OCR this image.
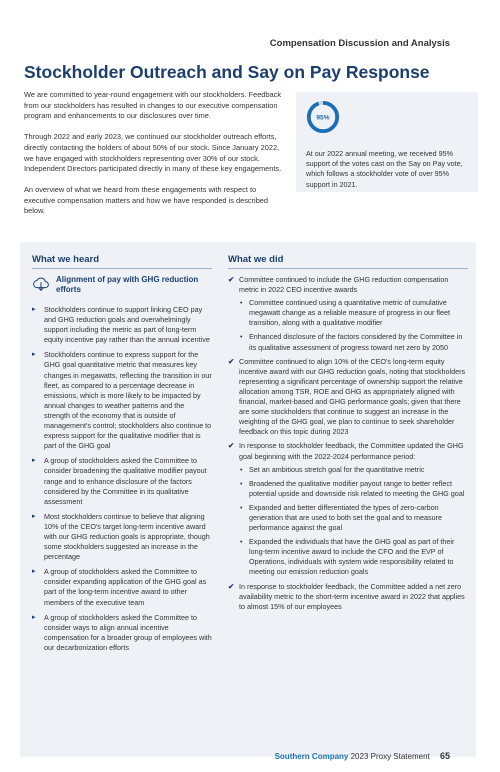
Compensation Discussion and Analysis
Stockholder Outreach and Say on Pay Response

We are committed to year-round engagement with our stockholders. Feedback from our stockholders has resulted in changes to our executive compensation program and enhancements to our disclosures over time.

Through 2022 and early 2023, we continued our stockholder outreach efforts, directly contacting the holders of about 50% of our stock. Since January 2022, we have engaged with stockholders representing over 30% of our stock. Independent Directors participated directly in many of these key engagements.

An overview of what we heard from these engagements with respect to executive compensation matters and how we have responded is described below.

95%
At our 2022 annual meeting, we received 95% support of the votes cast on the Say on Pay vote, which follows a stockholder vote of over 95% support in 2021.
What we heard
Alignment of pay with GHG reduction efforts
▸ Stockholders continue to support linking CEO pay and GHG reduction goals and overwhelmingly support including the metric as part of long-term equity incentive pay rather than the annual incentive
▸ Stockholders continue to express support for the GHG goal quantitative metric that measures key changes in megawatts, reflecting the transition in our fleet, as compared to a percentage decrease in emissions, which is more likely to be impacted by annual changes to weather patterns and the strength of the economy that is outside of management's control; stockholders also continue to express support for the qualitative modifier that is part of the GHG goal
▸ A group of stockholders asked the Committee to consider broadening the qualitative modifier payout range and to enhance disclosure of the factors considered by the Committee in its qualitative assessment
▸ Most stockholders continue to believe that aligning 10% of the CEO's target long-term incentive award with our GHG reduction goals is appropriate, though some stockholders suggested an increase in the percentage
▸ A group of stockholders asked the Committee to consider expanding application of the GHG goal as part of the long-term incentive award to other members of the executive team
▸ A group of stockholders asked the Committee to consider ways to align annual incentive compensation for a broader group of employees with our decarbonization efforts
What we did
✔ Committee continued to include the GHG reduction compensation metric in 2022 CEO incentive awards
• Committee continued using a quantitative metric of cumulative megawatt change as a reliable measure of progress in our fleet transition, along with a qualitative modifier
• Enhanced disclosure of the factors considered by the Committee in its qualitative assessment of progress toward net zero by 2050
✔ Committee continued to align 10% of the CEO's long-term equity incentive award with our GHG reduction goals, noting that stockholders representing a significant percentage of ownership support the relative allocation among TSR, ROE and GHG as appropriately aligned with financial, market-based and GHG performance goals; given that there are some stockholders that continue to suggest an increase in the weighting of the GHG goal, we plan to continue to seek shareholder feedback on this topic during 2023
✔ In response to stockholder feedback, the Committee updated the GHG goal beginning with the 2022-2024 performance period:
• Set an ambitious stretch goal for the quantitative metric
• Broadened the qualitative modifier payout range to better reflect potential upside and downside risk related to meeting the GHG goal
• Expanded and better differentiated the types of zero-carbon generation that are used to both set the goal and to measure performance against the goal
• Expanded the individuals that have the GHG goal as part of their long-term incentive award to include the CFO and the EVP of Operations, individuals with system wide responsibility related to meeting our emission reduction goals
✔ In response to stockholder feedback, the Committee added a net zero availability metric to the short-term incentive award in 2022 that applies to almost 15% of our employees
Southern Company 2023 Proxy Statement 65
